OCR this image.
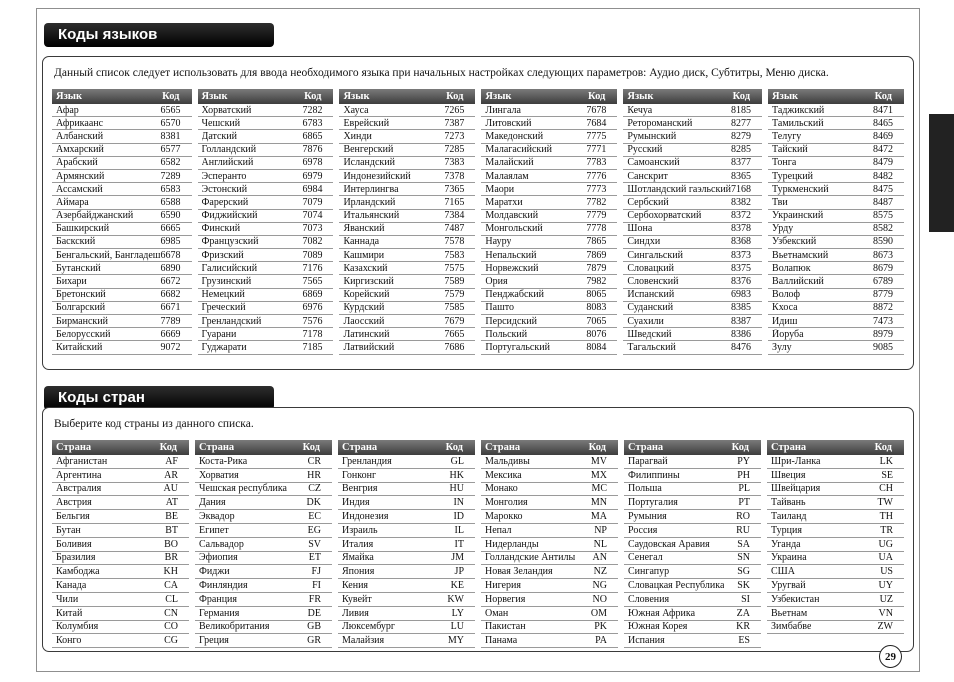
Коды языков
Данный список следует использовать для ввода необходимого языка при начальных настройках следующих параметров: Аудио диск, Субтитры, Меню диска.
Язык	Код
Афар	6565
Африкаанс	6570
Албанский	8381
Амхарский	6577
Арабский	6582
Армянский	7289
Ассамский	6583
Аймара	6588
Азербайджанский	6590
Башкирский	6665
Баскский	6985
Бенгальский, Бангладеш 6678
Бутанский	6890
Бихари	6672
Бретонский	6682
Болгарский	6671
Бирманский	7789
Белорусский	6669
Китайский	9072
Язык	Код
Хорватский	7282
Чешский	6783
Датский	6865
Голландский	7876
Английский	6978
Эсперанто	6979
Эстонский	6984
Фарерский	7079
Фиджийский	7074
Финский	7073
Французский	7082
Фризский	7089
Галисийский	7176
Грузинский	7565
Немецкий	6869
Греческий	6976
Гренландский	7576
Гуарани	7178
Гуджарати	7185
Язык	Код
Хауса	7265
Еврейский	7387
Хинди	7273
Венгерский	7285
Исландский	7383
Индонезийский	7378
Интерлингва	7365
Ирландский	7165
Итальянский	7384
Яванский	7487
Каннада	7578
Кашмири	7583
Казахский	7575
Киргизский	7589
Корейский	7579
Курдский	7585
Лаосский	7679
Латинский	7665
Латвийский	7686
Язык	Код
Лингала	7678
Литовский	7684
Македонский	7775
Малагасийский	7771
Малайский	7783
Малаялам	7776
Маори	7773
Маратхи	7782
Молдавский	7779
Монгольский	7778
Науру	7865
Непальский	7869
Норвежский	7879
Ория	7982
Пенджабский	8065
Пашто	8083
Персидский	7065
Польский	8076
Португальский	8084
Язык	Код
Кечуа	8185
Ретороманский	8277
Румынский	8279
Русский	8285
Самоанский	8377
Санскрит	8365
Шотландский гаэльский 7168
Сербский	8382
Сербохорватский	8372
Шона	8378
Синдхи	8368
Сингальский	8373
Словацкий	8375
Словенский	8376
Испанский	6983
Суданский	8385
Суахили	8387
Шведский	8386
Тагальский	8476
Язык	Код
Таджикский	8471
Тамильский	8465
Телугу	8469
Тайский	8472
Тонга	8479
Турецкий	8482
Туркменский	8475
Тви	8487
Украинский	8575
Урду	8582
Узбекский	8590
Вьетнамский	8673
Волапюк	8679
Валлийский	6789
Волоф	8779
Кхоса	8872
Идиш	7473
Йоруба	8979
Зулу	9085
Коды стран
Выберите код страны из данного списка.
Страна	Код
Афганистан	AF
Аргентина	AR
Австралия	AU
Австрия	AT
Бельгия	BE
Бутан	BT
Боливия	BO
Бразилия	BR
Камбоджа	KH
Канада	CA
Чили	CL
Китай	CN
Колумбия	CO
Конго	CG
Страна	Код
Коста-Рика	CR
Хорватия	HR
Чешская республика CZ
Дания	DK
Эквадор	EC
Египет	EG
Сальвадор	SV
Эфиопия	ET
Фиджи	FJ
Финляндия	FI
Франция	FR
Германия	DE
Великобритания	GB
Греция	GR
Страна	Код
Гренландия	GL
Гонконг	HK
Венгрия	HU
Индия	IN
Индонезия	ID
Израиль	IL
Италия	IT
Ямайка	JM
Япония	JP
Кения	KE
Кувейт	KW
Ливия	LY
Люксембург	LU
Малайзия	MY
Страна	Код
Мальдивы	MV
Мексика	MX
Монако	MC
Монголия	MN
Марокко	MA
Непал	NP
Нидерланды	NL
Голландские Антилы AN
Новая Зеландия	NZ
Нигерия	NG
Норвегия	NO
Оман	OM
Пакистан	PK
Панама	PA
Страна	Код
Парагвай	PY
Филиппины	PH
Польша	PL
Португалия	PT
Румыния	RO
Россия	RU
Саудовская Аравия	SA
Сенегал	SN
Сингапур	SG
Словацкая Республика SK
Словения	SI
Южная Африка	ZA
Южная Корея	KR
Испания	ES
Страна	Код
Шри-Ланка	LK
Швеция	SE
Швейцария	CH
Тайвань	TW
Таиланд	TH
Турция	TR
Уганда	UG
Украина	UA
США	US
Уругвай	UY
Узбекистан	UZ
Вьетнам	VN
Зимбабве	ZW
29
